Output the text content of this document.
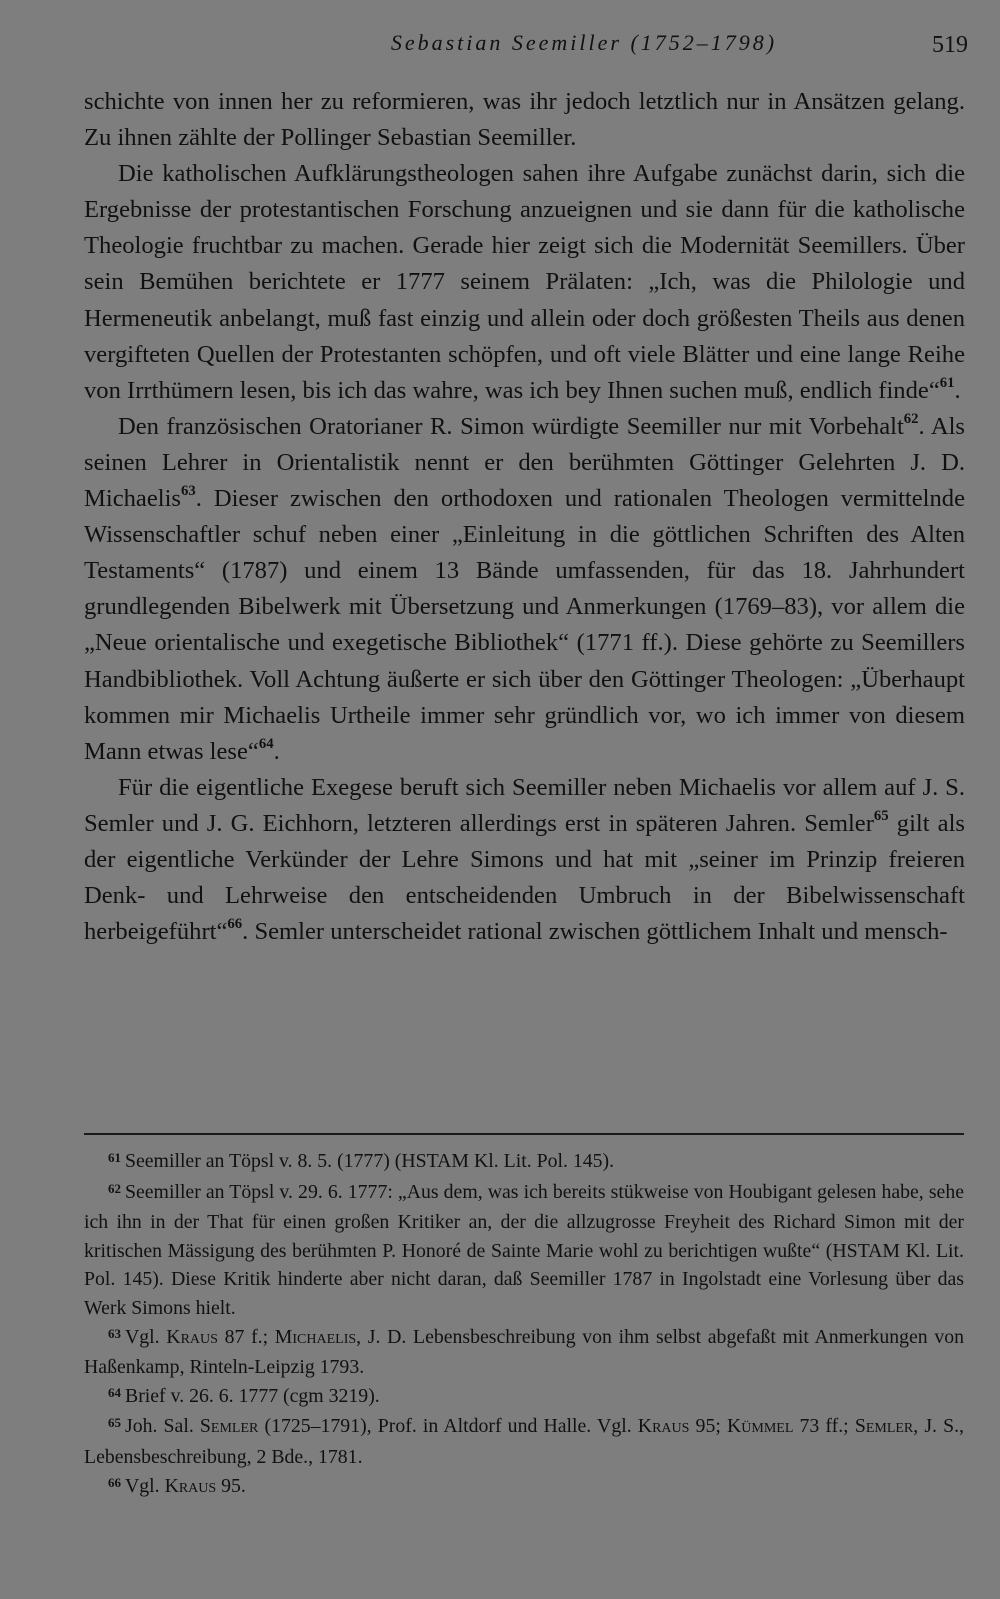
Sebastian Seemiller (1752–1798)	519

schichte von innen her zu reformieren, was ihr jedoch letztlich nur in Ansätzen gelang. Zu ihnen zählte der Pollinger Sebastian Seemiller.

Die katholischen Aufklärungstheologen sahen ihre Aufgabe zunächst darin, sich die Ergebnisse der protestantischen Forschung anzueignen und sie dann für die katholische Theologie fruchtbar zu machen. Gerade hier zeigt sich die Modernität Seemillers. Über sein Bemühen berichtete er 1777 seinem Prälaten: „Ich, was die Philologie und Hermeneutik anbelangt, muß fast einzig und allein oder doch größesten Theils aus denen vergifteten Quellen der Protestanten schöpfen, und oft viele Blätter und eine lange Reihe von Irrthümern lesen, bis ich das wahre, was ich bey Ihnen suchen muß, endlich finde“$^{61}$.

Den französischen Oratorianer R. Simon würdigte Seemiller nur mit Vorbehalt$^{62}$. Als seinen Lehrer in Orientalistik nennt er den berühmten Göttinger Gelehrten J. D. Michaelis$^{63}$. Dieser zwischen den orthodoxen und rationalen Theologen vermittelnde Wissenschaftler schuf neben einer „Einleitung in die göttlichen Schriften des Alten Testaments“ (1787) und einem 13 Bände umfassenden, für das 18. Jahrhundert grundlegenden Bibelwerk mit Übersetzung und Anmerkungen (1769–83), vor allem die „Neue orientalische und exegetische Bibliothek“ (1771 ff.). Diese gehörte zu Seemillers Handbibliothek. Voll Achtung äußerte er sich über den Göttinger Theologen: „Überhaupt kommen mir Michaelis Urtheile immer sehr gründlich vor, wo ich immer von diesem Mann etwas lese“$^{64}$.

Für die eigentliche Exegese beruft sich Seemiller neben Michaelis vor allem auf J. S. Semler und J. G. Eichhorn, letzteren allerdings erst in späteren Jahren. Semler$^{65}$ gilt als der eigentliche Verkünder der Lehre Simons und hat mit „seiner im Prinzip freieren Denk- und Lehrweise den entscheidenden Umbruch in der Bibelwissenschaft herbeigeführt“$^{66}$. Semler unterscheidet rational zwischen göttlichem Inhalt und mensch-

$^{61}$ Seemiller an Töpsl v. 8. 5. (1777) (HSTAM Kl. Lit. Pol. 145).

$^{62}$ Seemiller an Töpsl v. 29. 6. 1777: „Aus dem, was ich bereits stükweise von Houbigant gelesen habe, sehe ich ihn in der That für einen großen Kritiker an, der die allzugrosse Freyheit des Richard Simon mit der kritischen Mässigung des berühmten P. Honoré de Sainte Marie wohl zu berichtigen wußte“ (HSTAM Kl. Lit. Pol. 145). Diese Kritik hinderte aber nicht daran, daß Seemiller 1787 in Ingolstadt eine Vorlesung über das Werk Simons hielt.

$^{63}$ Vgl. Kraus 87 f.; Michaelis, J. D. Lebensbeschreibung von ihm selbst abgefaßt mit Anmerkungen von Haßenkamp, Rinteln-Leipzig 1793.

$^{64}$ Brief v. 26. 6. 1777 (cgm 3219).

$^{65}$ Joh. Sal. Semler (1725–1791), Prof. in Altdorf und Halle. Vgl. Kraus 95; Kümmel 73 ff.; Semler, J. S., Lebensbeschreibung, 2 Bde., 1781.

$^{66}$ Vgl. Kraus 95.
